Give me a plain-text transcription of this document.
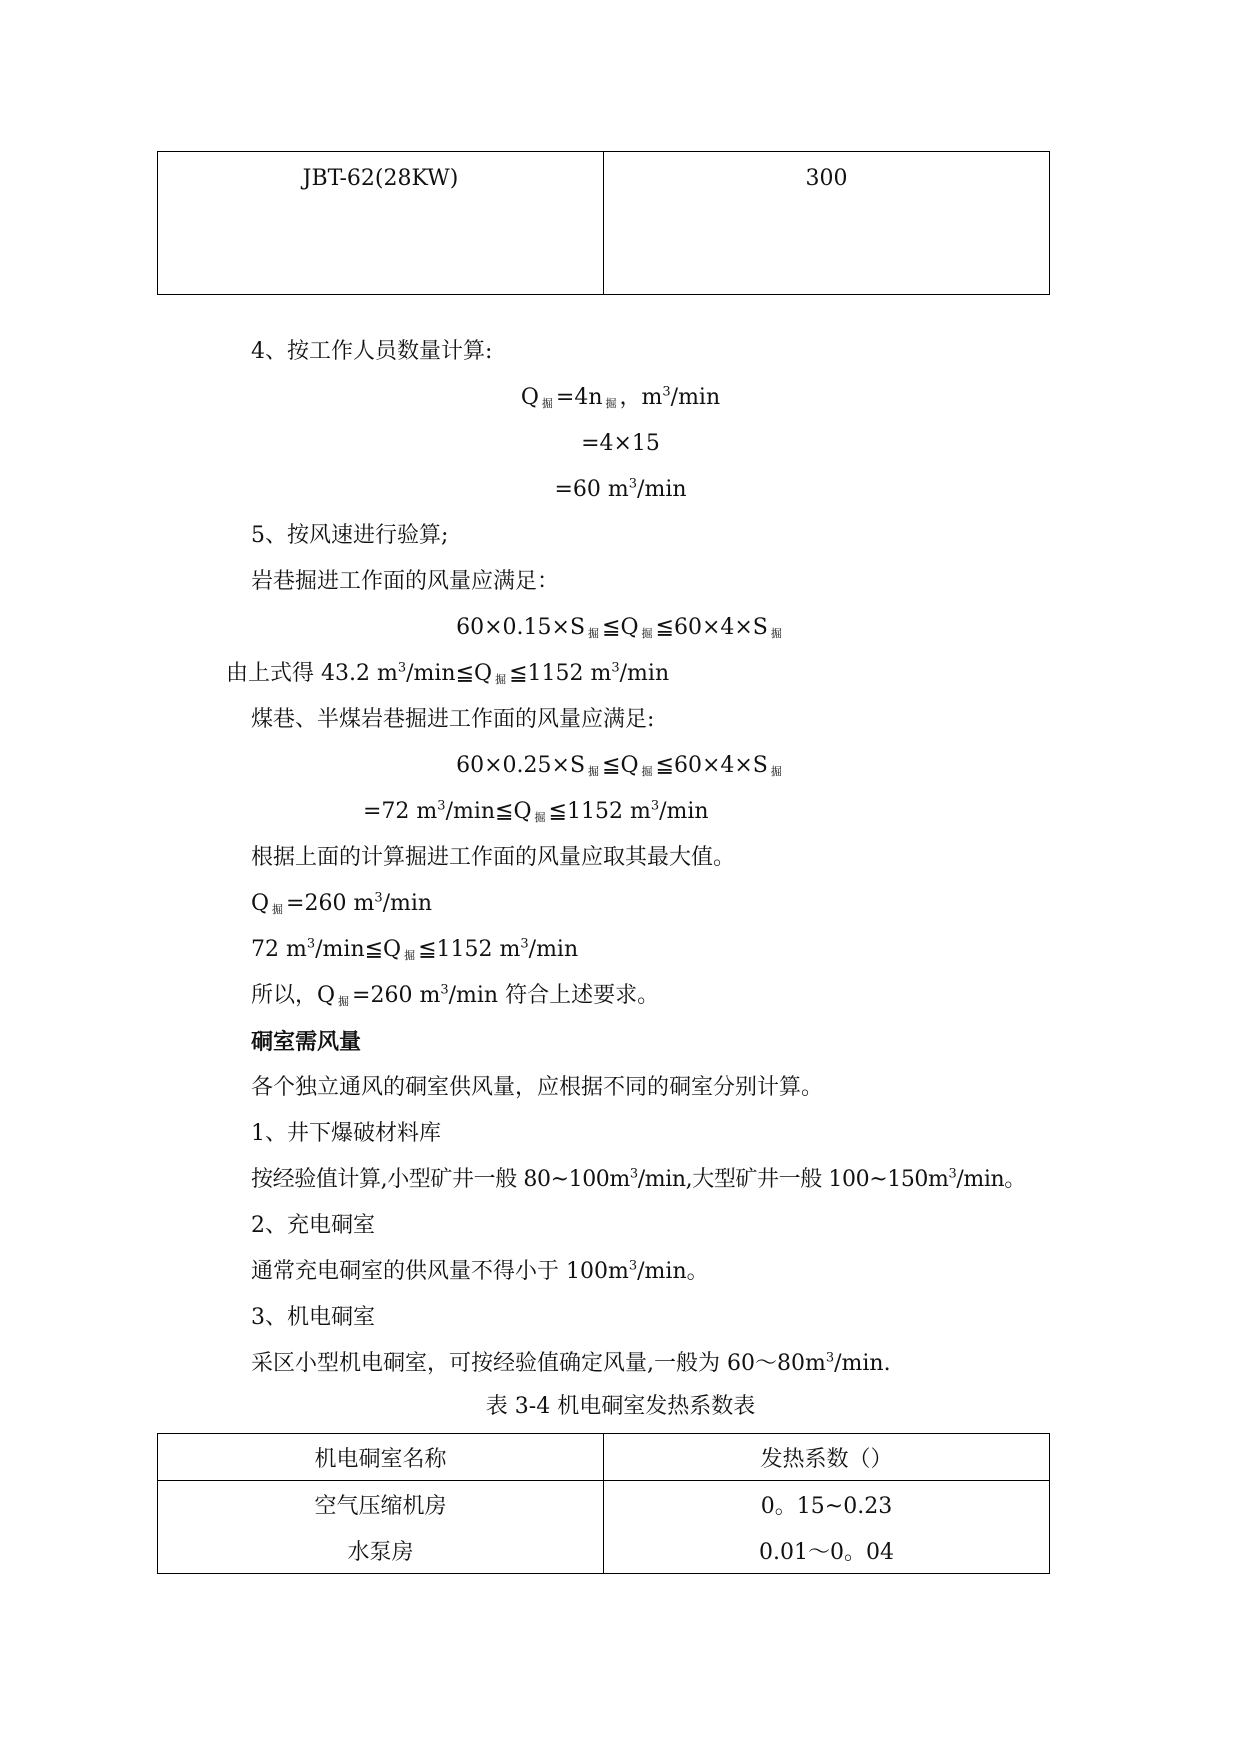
JBT-62(28KW)	300
4、按工作人员数量计算:
Q $_掘$ =4n $_掘$ ，$m^3/\min$
=4×15
=60 $m^3/\min$
5、按风速进行验算;
岩巷掘进工作面的风量应满足：
60×0.15×S $_掘$ ≦Q $_掘$ ≦60×4×S $_掘$
由上式得 43.2 $m^3/\min≦Q$ $_掘$ ≦1152 $m^3/\min$
煤巷、半煤岩巷掘进工作面的风量应满足:
60×0.25×S $_掘$ ≦Q $_掘$ ≦60×4×S $_掘$
=72 $m^3/\min≦Q$ $_掘$ ≦1152 $m^3/\min$
根据上面的计算掘进工作面的风量应取其最大值。
Q $_掘$ =260 $m^3/\min$
72 $m^3/\min≦Q$ $_掘$ ≦1152 $m^3/\min$
所以，Q $_掘$ =260 $m^3/\min$ 符合上述要求。
硐室需风量
各个独立通风的硐室供风量，应根据不同的硐室分别计算。
1、井下爆破材料库
按经验值计算,小型矿井一般 $80\sim 100m^3/\min$,大型矿井一般 $100\sim 150m^3/\min$。
2、充电硐室
通常充电硐室的供风量不得小于 $100m^3/\min$。
3、机电硐室
采区小型机电硐室，可按经验值确定风量,一般为 $60\sim 80m^3/\min$.
表 3-4 机电硐室发热系数表
机电硐室名称	发热系数（）
空气压缩机房	0。15~0.23
水泵房	0.01～0。04
